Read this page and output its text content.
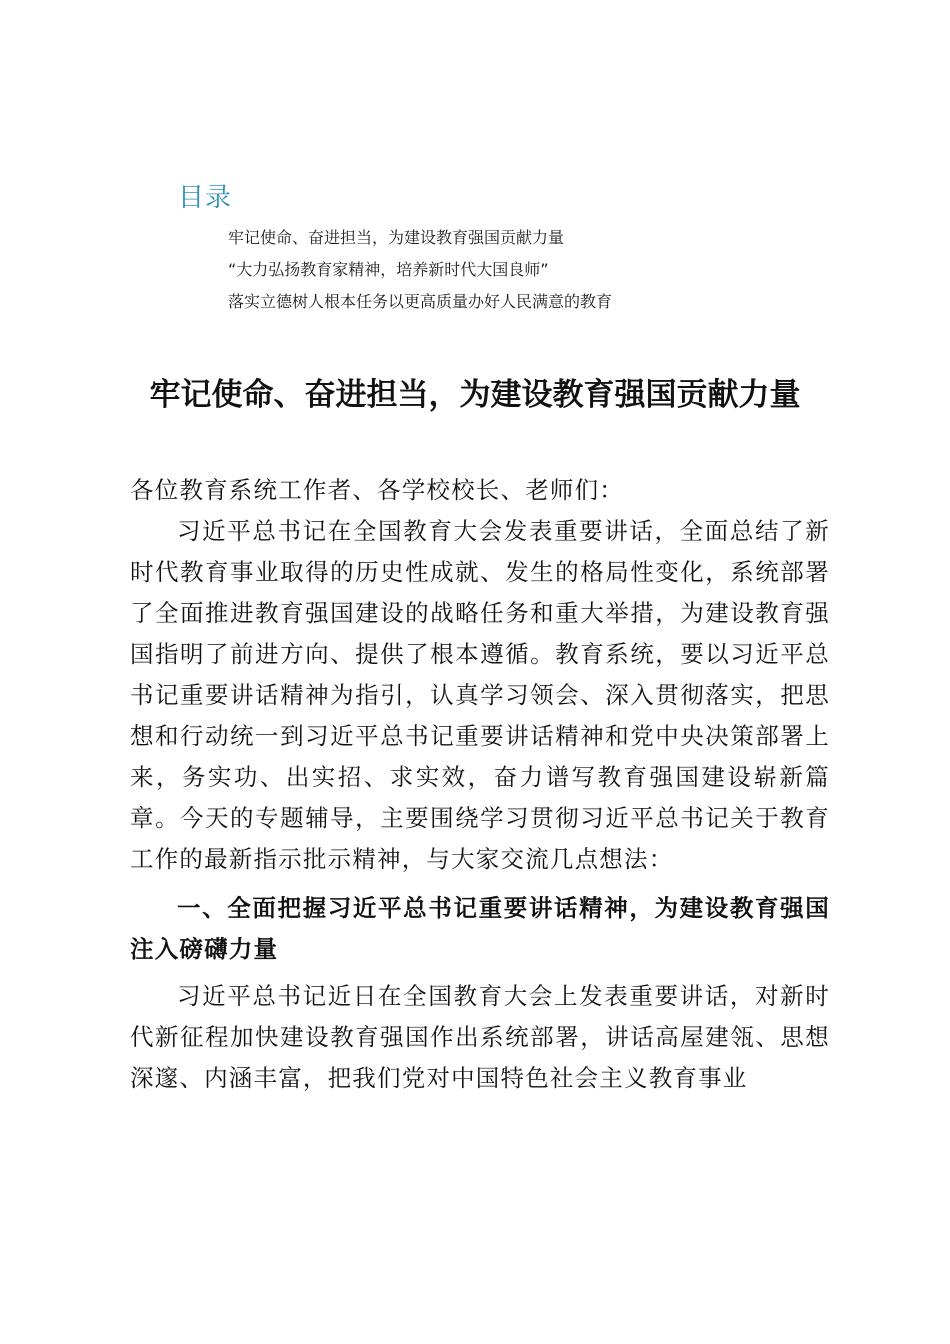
目录
牢记使命、奋进担当，为建设教育强国贡献力量
“大力弘扬教育家精神，培养新时代大国良师”
落实立德树人根本任务以更高质量办好人民满意的教育
牢记使命、奋进担当，为建设教育强国贡献力量

各位教育系统工作者、各学校校长、老师们：

习近平总书记在全国教育大会发表重要讲话，全面总结了新时代教育事业取得的历史性成就、发生的格局性变化，系统部署了全面推进教育强国建设的战略任务和重大举措，为建设教育强国指明了前进方向、提供了根本遵循。教育系统，要以习近平总书记重要讲话精神为指引，认真学习领会、深入贯彻落实，把思想和行动统一到习近平总书记重要讲话精神和党中央决策部署上来，务实功、出实招、求实效，奋力谱写教育强国建设崭新篇章。今天的专题辅导，主要围绕学习贯彻习近平总书记关于教育工作的最新指示批示精神，与大家交流几点想法：

一、全面把握习近平总书记重要讲话精神，为建设教育强国注入磅礴力量

习近平总书记近日在全国教育大会上发表重要讲话，对新时代新征程加快建设教育强国作出系统部署，讲话高屋建瓴、思想深邃、内涵丰富，把我们党对中国特色社会主义教育事业
